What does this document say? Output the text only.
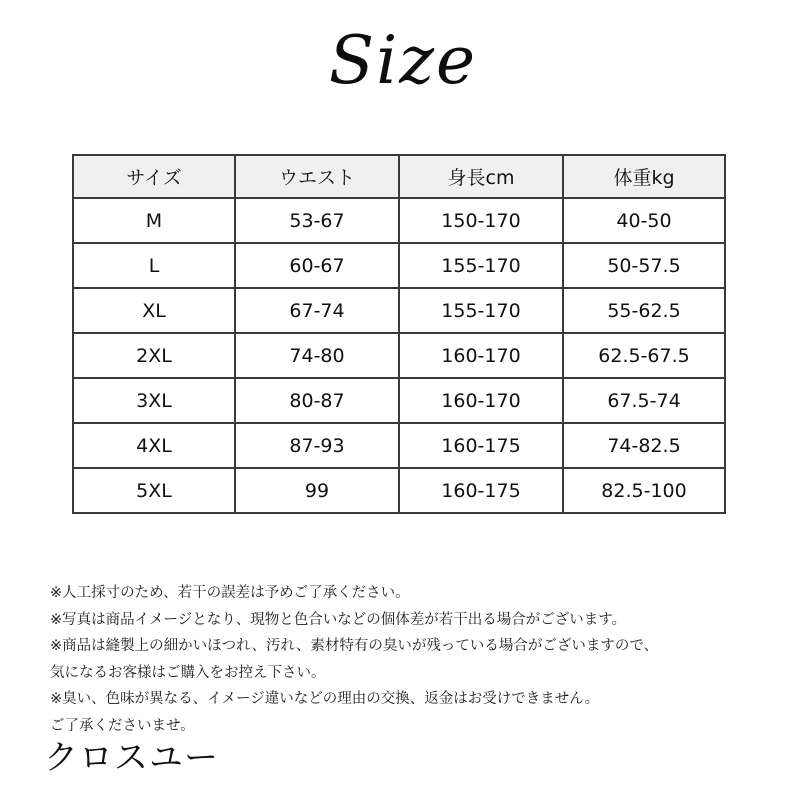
Size
サイズ	ウエスト	身長cm	体重kg
M	53-67	150-170	40-50
L	60-67	155-170	50-57.5
XL	67-74	155-170	55-62.5
2XL	74-80	160-170	62.5-67.5
3XL	80-87	160-170	67.5-74
4XL	87-93	160-175	74-82.5
5XL	99	160-175	82.5-100

※人工採寸のため、若干の誤差は予めご了承ください。

※写真は商品イメージとなり、現物と色合いなどの個体差が若干出る場合がございます。

※商品は縫製上の細かいほつれ、汚れ、素材特有の臭いが残っている場合がございますので、

気になるお客様はご購入をお控え下さい。

※臭い、色味が異なる、イメージ違いなどの理由の交換、返金はお受けできません。

ご了承くださいませ。

クロスユー
